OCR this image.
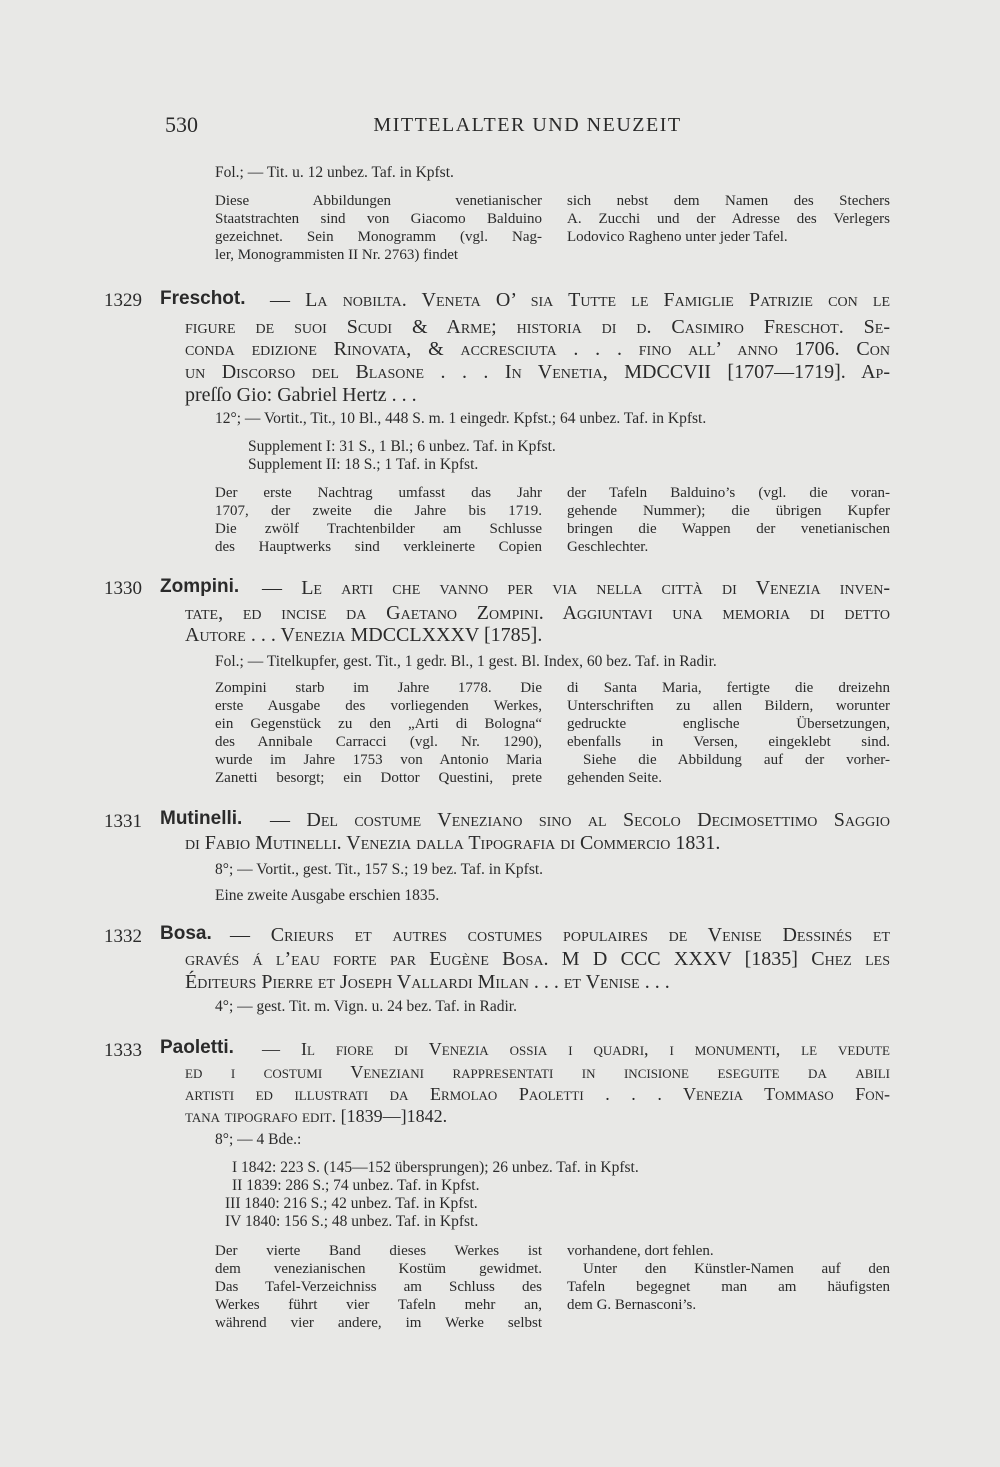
530	MITTELALTER UND NEUZEIT
Fol.; — Tit. u. 12 unbez. Taf. in Kpfst.
Diese Abbildungen venetianischer
Staatstrachten sind von Giacomo Balduino
gezeichnet. Sein Monogramm (vgl. Nag-
ler, Monogrammisten II Nr. 2763) findet
sich nebst dem Namen des Stechers
A. Zucchi und der Adresse des Verlegers
Lodovico Ragheno unter jeder Tafel.
1329 Freschot. — La nobilta. Veneta O’ ſia Tutte le Famiglie Patrizie con le
figure de ſuoi Scudi & Arme; historia di d. Casimiro Freschot. Se-
conda edizione Rinovata, & accreſciuta . . . fino all’ anno 1706. Con
un Diſcorſo del Blaſone . . . In Venetia, MDCCVII [1707—1719]. Ap-
preſſo Gio: Gabriel Hertz . . .
12°; — Vortit., Tit., 10 Bl., 448 S. m. 1 eingedr. Kpfst.; 64 unbez. Taf. in Kpfst.
Supplement I: 31 S., 1 Bl.; 6 unbez. Taf. in Kpfst.
Supplement II: 18 S.; 1 Taf. in Kpfst.
Der erste Nachtrag umfasst das Jahr
1707, der zweite die Jahre bis 1719.
Die zwölf Trachtenbilder am Schlusse
des Hauptwerks sind verkleinerte Copien
der Tafeln Balduino’s (vgl. die voran-
gehende Nummer); die übrigen Kupfer
bringen die Wappen der venetianischen
Geschlechter.
1330 Zompini. — Le arti che vanno per via nella città di Venezia inven-
tate, ed incise da Gaetano Zompini. Aggiuntavi una memoria di detto
Autore . . . Venezia MDCCLXXXV [1785].
Fol.; — Titelkupfer, gest. Tit., 1 gedr. Bl., 1 gest. Bl. Index, 60 bez. Taf. in Radir.
Zompini starb im Jahre 1778. Die
erste Ausgabe des vorliegenden Werkes,
ein Gegenstück zu den „Arti di Bologna“
des Annibale Carracci (vgl. Nr. 1290),
wurde im Jahre 1753 von Antonio Maria
Zanetti besorgt; ein Dottor Questini, prete
di Santa Maria, fertigte die dreizehn
Unterschriften zu allen Bildern, worunter
gedruckte englische Übersetzungen,
ebenfalls in Versen, eingeklebt sind.
Siehe die Abbildung auf der vorher-
gehenden Seite.
1331 Mutinelli. — Del costume Veneziano sino al Secolo Decimoſettimo Saggio
di Fabio Mutinelli. Venezia dalla Tipografia di Commercio 1831.
8°; — Vortit., gest. Tit., 157 S.; 19 bez. Taf. in Kpfst.
Eine zweite Ausgabe erschien 1835.
1332 Bosa. — Crieurs et autres costumes populaires de Venise Deſsinés et
gravés á l’eau forte par Eugène Bosa. M D CCC XXXV [1835] Chez les
Éditeurs Pierre et Joseph Vallardi Milan . . . et Venise . . .
4°; — gest. Tit. m. Vign. u. 24 bez. Taf. in Radir.
1333 Paoletti. — Il fiore di Venezia ossia i quadri, i monumenti, le vedute
ed i costumi Veneziani rappresentati in incisione eseguite da abili
artisti ed illustrati da Ermolao Paoletti . . . Venezia Tommaso Fon-
tana tipografo edit. [1839—]1842.
8°; — 4 Bde.:
I 1842: 223 S. (145—152 übersprungen); 26 unbez. Taf. in Kpfst.
II 1839: 286 S.; 74 unbez. Taf. in Kpfst.
III 1840: 216 S.; 42 unbez. Taf. in Kpfst.
IV 1840: 156 S.; 48 unbez. Taf. in Kpfst.
Der vierte Band dieses Werkes ist
dem venezianischen Kostüm gewidmet.
Das Tafel-Verzeichniss am Schluss des
Werkes führt vier Tafeln mehr an,
während vier andere, im Werke selbst
vorhandene, dort fehlen.
Unter den Künstler-Namen auf den
Tafeln begegnet man am häufigsten
dem G. Bernasconi’s.
